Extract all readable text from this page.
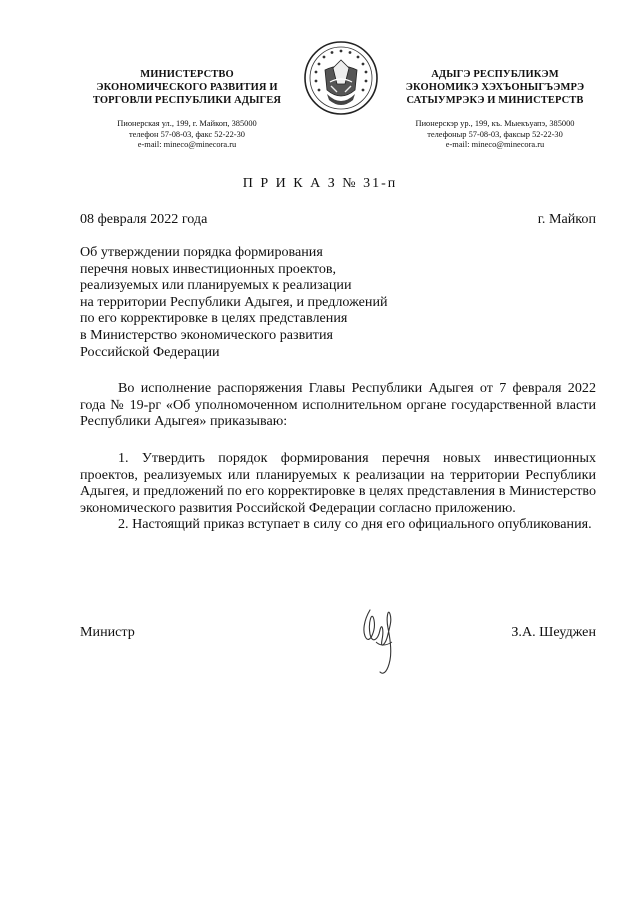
МИНИСТЕРСТВО
ЭКОНОМИЧЕСКОГО РАЗВИТИЯ И
ТОРГОВЛИ РЕСПУБЛИКИ АДЫГЕЯ
Пионерская ул., 199, г. Майкоп, 385000
телефон 57-08-03, факс 52-22-30
e-mail: mineco@minecora.ru
АДЫГЭ РЕСПУБЛИКЭМ
ЭКОНОМИКЭ ХЭХЪОНЫГЪЭМРЭ
САТЫУМРЭКЭ И МИНИСТЕРСТВ
Пионерскэр ур., 199, къ. Мыекъуапэ, 385000
телефоныр 57-08-03, факсыр 52-22-30
e-mail: mineco@minecora.ru
П Р И К А З № 31-п
08 февраля 2022 года	г. Майкоп
Об утверждении порядка формирования
перечня новых инвестиционных проектов,
реализуемых или планируемых к реализации
на территории Республики Адыгея, и предложений
по его корректировке в целях представления
в Министерство экономического развития
Российской Федерации

Во исполнение распоряжения Главы Республики Адыгея от 7 февраля 2022 года № 19-рг «Об уполномоченном исполнительном органе государственной власти Республики Адыгея» приказываю:

1. Утвердить порядок формирования перечня новых инвестиционных проектов, реализуемых или планируемых к реализации на территории Республики Адыгея, и предложений по его корректировке в целях представления в Министерство экономического развития Российской Федерации согласно приложению.

2. Настоящий приказ вступает в силу со дня его официального опубликования.

Министр	З.А. Шеуджен
